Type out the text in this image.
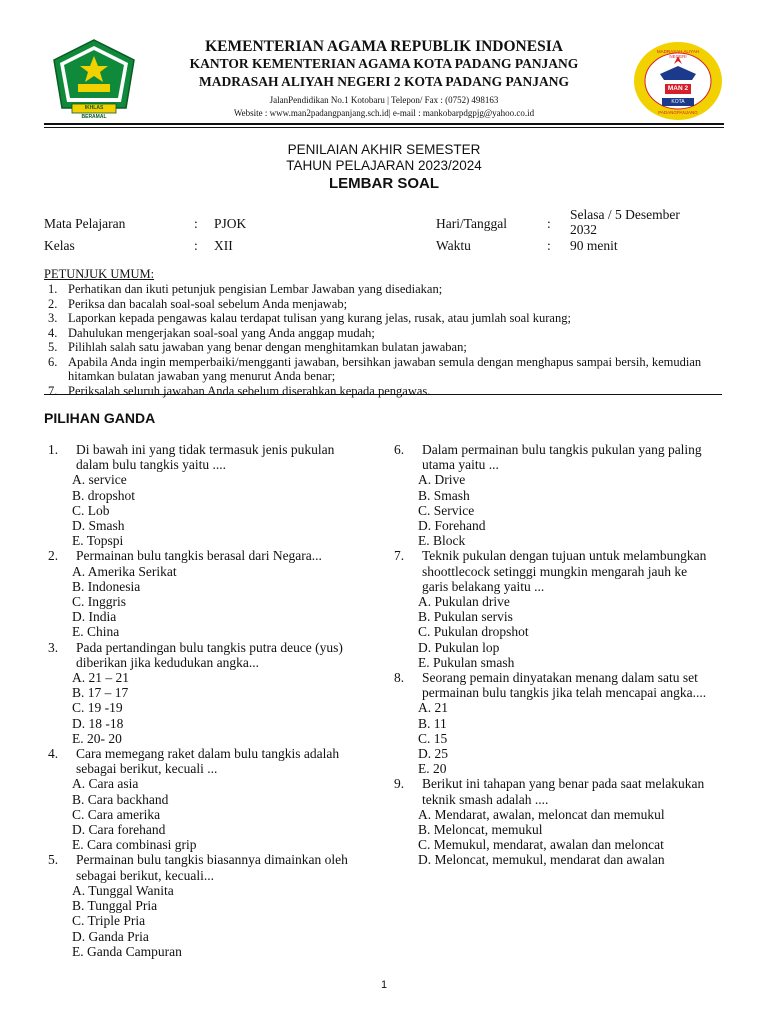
IKHLAS BERAMAL
MAN 2
KOTA
MADRASAH ALIYAH NEGERI
PADANGPANJANG
KEMENTERIAN AGAMA REPUBLIK INDONESIA
KANTOR KEMENTERIAN AGAMA KOTA PADANG PANJANG
MADRASAH ALIYAH NEGERI 2 KOTA PADANG PANJANG
JalanPendidikan No.1 Kotobaru | Telepon/ Fax : (0752) 498163
Website : www.man2padangpanjang.sch.id| e-mail : mankobarpdgpjg@yahoo.co.id
PENILAIAN AKHIR SEMESTER
TAHUN PELAJARAN 2023/2024
LEMBAR SOAL
Mata Pelajaran	: PJOK
Kelas	: XII
Hari/Tanggal	:
Selasa / 5 Desember
2032
Waktu	: 90 menit
PETUNJUK UMUM:
1. Perhatikan dan ikuti petunjuk pengisian Lembar Jawaban yang disediakan;
2. Periksa dan bacalah soal-soal sebelum Anda menjawab;
3. Laporkan kepada pengawas kalau terdapat tulisan yang kurang jelas, rusak, atau jumlah soal kurang;
4. Dahulukan mengerjakan soal-soal yang Anda anggap mudah;
5. Pilihlah salah satu jawaban yang benar dengan menghitamkan bulatan jawaban;
6. Apabila Anda ingin memperbaiki/mengganti jawaban, bersihkan jawaban semula dengan menghapus sampai bersih, kemudian hitamkan bulatan jawaban yang menurut Anda benar;
7. Periksalah seluruh jawaban Anda sebelum diserahkan kepada pengawas.
PILIHAN GANDA
1.	Di bawah ini yang tidak termasuk jenis pukulan dalam bulu tangkis yaitu ....
A. service
B. dropshot
C. Lob
D. Smash
E. Topspi
2.	Permainan bulu tangkis berasal dari Negara...
A. Amerika Serikat
B. Indonesia
C. Inggris
D. India
E. China
3.	Pada pertandingan bulu tangkis putra deuce (yus) diberikan jika kedudukan angka...
A. 21 – 21
B. 17 – 17
C. 19 -19
D. 18 -18
E. 20- 20
4.	Cara memegang raket dalam bulu tangkis adalah sebagai berikut, kecuali ...
A. Cara asia
B. Cara backhand
C. Cara amerika
D. Cara forehand
E. Cara combinasi grip
5.	Permainan bulu tangkis biasannya dimainkan oleh sebagai berikut, kecuali...
A. Tunggal Wanita
B. Tunggal Pria
C. Triple Pria
D. Ganda Pria
E. Ganda Campuran
6.	Dalam permainan bulu tangkis pukulan yang paling utama yaitu ...
A. Drive
B. Smash
C. Service
D. Forehand
E. Block
7.	Teknik pukulan dengan tujuan untuk melambungkan shoottlecock setinggi mungkin mengarah jauh ke garis belakang yaitu ...
A. Pukulan drive
B. Pukulan servis
C. Pukulan dropshot
D. Pukulan lop
E. Pukulan smash
8.	Seorang pemain dinyatakan menang dalam satu set permainan bulu tangkis jika telah mencapai angka....
A. 21
B. 11
C. 15
D. 25
E. 20
9.	Berikut ini tahapan yang benar pada saat melakukan teknik smash adalah ....
A. Mendarat, awalan, meloncat dan memukul
B. Meloncat, memukul
C. Memukul, mendarat, awalan dan meloncat
D. Meloncat, memukul, mendarat dan awalan
1
